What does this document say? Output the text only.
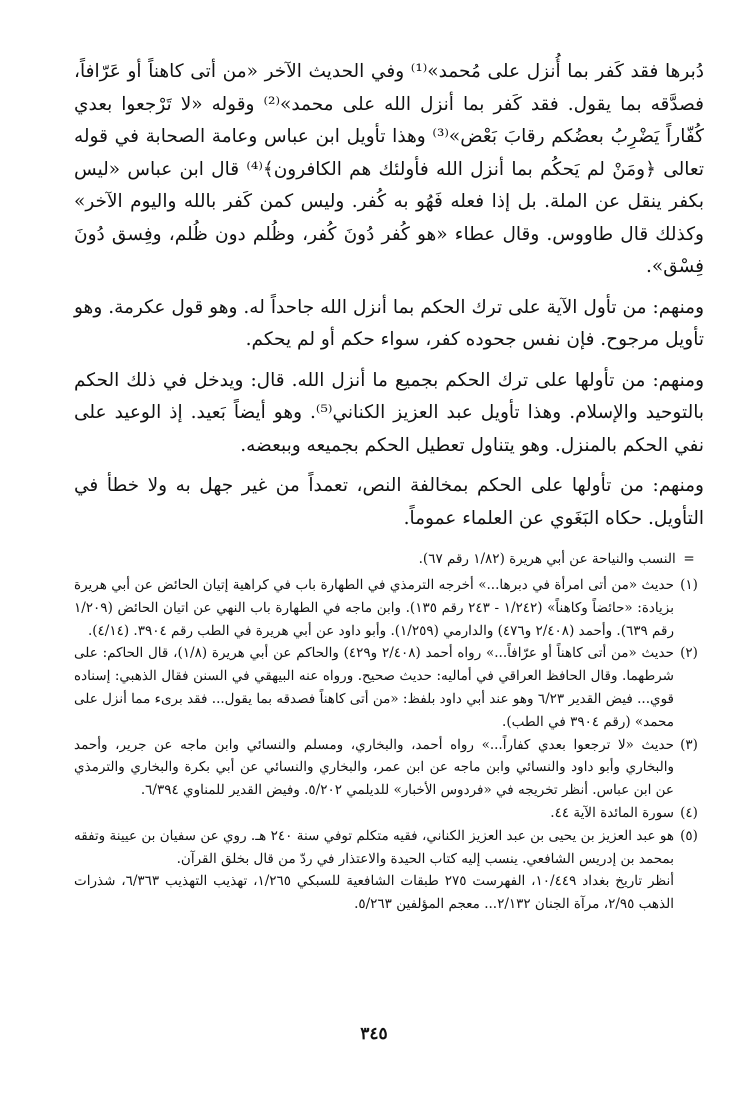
دُبرها فقد كَفر بما أُنزل على مُحمد»⁽¹⁾ وفي الحديث الآخر «من أتى كاهناً أو عَرّافاً، فصدَّقه بما يقول. فقد كَفر بما أنزل الله على محمد»⁽²⁾ وقوله «لا تَرْجعوا بعدي كُفّاراً يَضْرِبُ بعضُكم رقابَ بَعْض»⁽³⁾ وهذا تأويل ابن عباس وعامة الصحابة في قوله تعالى ﴿ومَنْ لم يَحكُم بما أنزل الله فأولئك هم الكافرون﴾⁽⁴⁾ قال ابن عباس «ليس بكفر ينقل عن الملة. بل إذا فعله فَهُو به كُفر. وليس كمن كَفر بالله واليوم الآخر» وكذلك قال طاووس. وقال عطاء «هو كُفر دُونَ كُفر، وظُلم دون ظُلم، وفِسق دُونَ فِسْق».

ومنهم: من تأول الآية على ترك الحكم بما أنزل الله جاحداً له. وهو قول عكرمة. وهو تأويل مرجوح. فإن نفس جحوده كفر، سواء حكم أو لم يحكم.

ومنهم: من تأولها على ترك الحكم بجميع ما أنزل الله. قال: ويدخل في ذلك الحكم بالتوحيد والإسلام. وهذا تأويل عبد العزيز الكناني⁽⁵⁾. وهو أيضاً بَعيد. إذ الوعيد على نفي الحكم بالمنزل. وهو يتناول تعطيل الحكم بجميعه وببعضه.

ومنهم: من تأولها على الحكم بمخالفة النص، تعمداً من غير جهل به ولا خطأ في التأويل. حكاه البَغَوي عن العلماء عموماً.

= النسب والنياحة عن أبي هريرة (١/٨٢ رقم ٦٧).
(١)
حديث «من أتى امرأة في دبرها...» أخرجه الترمذي في الطهارة باب في كراهية إتيان الحائض عن أبي هريرة بزيادة: «حائضاً وكاهناً» (١/٢٤٢ - ٢٤٣ رقم ١٣٥). وابن ماجه في الطهارة باب النهي عن اتيان الحائض (١/٢٠٩ رقم ٦٣٩). وأحمد (٢/٤٠٨ و٤٧٦) والدارمي (١/٢٥٩). وأبو داود عن أبي هريرة في الطب رقم ٣٩٠٤. (٤/١٤).
(٢)
حديث «من أتى كاهناً أو عرّافاً...» رواه أحمد (٢/٤٠٨ و٤٢٩) والحاكم عن أبي هريرة (١/٨)، قال الحاكم: على شرطهما. وقال الحافظ العراقي في أماليه: حديث صحيح. ورواه عنه البيهقي في السنن فقال الذهبي: إسناده قوي... فيض القدير ٦/٢٣ وهو عند أبي داود بلفظ: «من أتى كاهناً فصدقه بما يقول... فقد برىء مما أنزل على محمد» (رقم ٣٩٠٤ في الطب).
(٣)
حديث «لا ترجعوا بعدي كفاراً...» رواه أحمد، والبخاري، ومسلم والنسائي وابن ماجه عن جرير، وأحمد والبخاري وأبو داود والنسائي وابن ماجه عن ابن عمر، والبخاري والنسائي عن أبي بكرة والبخاري والترمذي عن ابن عباس. أنظر تخريجه في «فردوس الأخبار» للديلمي ٥/٢٠٢. وفيض القدير للمناوي ٦/٣٩٤.
(٤)
سورة المائدة الآية ٤٤.
(٥)
هو عبد العزيز بن يحيى بن عبد العزيز الكناني، فقيه متكلم توفي سنة ٢٤٠ هـ. روي عن سفيان بن عيينة وتفقه بمحمد بن إدريس الشافعي. ينسب إليه كتاب الحيدة والاعتذار في ردّ من قال بخلق القرآن.
أنظر تاريخ بغداد ١٠/٤٤٩، الفهرست ٢٧٥ طبقات الشافعية للسبكي ١/٢٦٥، تهذيب التهذيب ٦/٣٦٣، شذرات الذهب ٢/٩٥، مرآة الجنان ٢/١٣٢... معجم المؤلفين ٥/٢٦٣.
٣٤٥
